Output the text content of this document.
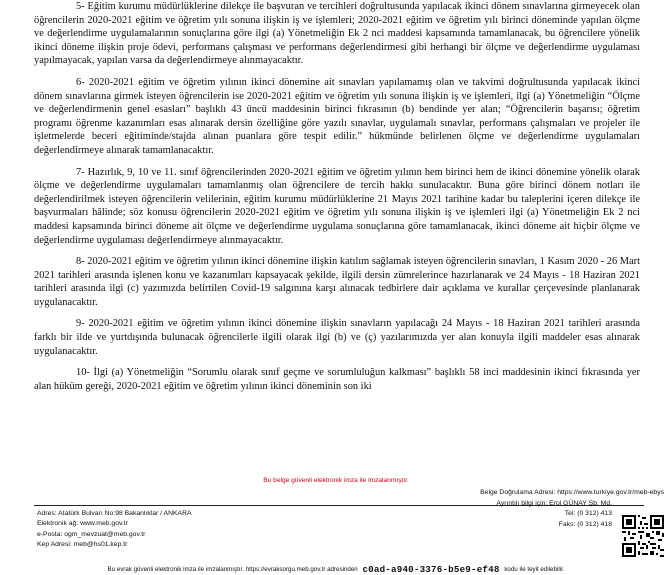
5- Eğitim kurumu müdürlüklerine dilekçe ile başvuran ve tercihleri doğrultusunda yapılacak ikinci dönem sınavlarına girmeyecek olan öğrencilerin 2020-2021 eğitim ve öğretim yılı sonuna ilişkin iş ve işlemleri; 2020-2021 eğitim ve öğretim yılı birinci döneminde yapılan ölçme ve değerlendirme uygulamalarının sonuçlarına göre ilgi (a) Yönetmeliğin Ek 2 nci maddesi kapsamında tamamlanacak, bu öğrencilere yönelik ikinci döneme ilişkin proje ödevi, performans çalışması ve performans değerlendirmesi gibi herhangi bir ölçme ve değerlendirme uygulaması yapılmayacak, yapılan varsa da değerlendirmeye alınmayacaktır.

6- 2020-2021 eğitim ve öğretim yılının ikinci dönemine ait sınavları yapılamamış olan ve takvimi doğrultusunda yapılacak ikinci dönem sınavlarına girmek isteyen öğrencilerin ise 2020-2021 eğitim ve öğretim yılı sonuna ilişkin iş ve işlemleri, ilgi (a) Yönetmeliğin “Ölçme ve değerlendirmenin genel esasları” başlıklı 43 üncü maddesinin birinci fıkrasının (b) bendinde yer alan; “Öğrencilerin başarısı; öğretim programı öğrenme kazanımları esas alınarak dersin özelliğine göre yazılı sınavlar, uygulamalı sınavlar, performans çalışmaları ve projeler ile işletmelerde beceri eğitiminde/stajda alınan puanlara göre tespit edilir.” hükmünde belirlenen ölçme ve değerlendirme uygulamaları değerlendirmeye alınarak tamamlanacaktır.

7- Hazırlık, 9, 10 ve 11. sınıf öğrencilerinden 2020-2021 eğitim ve öğretim yılının hem birinci hem de ikinci dönemine yönelik olarak ölçme ve değerlendirme uygulamaları tamamlanmış olan öğrencilere de tercih hakkı sunulacaktır. Buna göre birinci dönem notları ile değerlendirilmek isteyen öğrencilerin velilerinin, eğitim kurumu müdürlüklerine 21 Mayıs 2021 tarihine kadar bu taleplerini içeren dilekçe ile başvurmaları hâlinde; söz konusu öğrencilerin 2020-2021 eğitim ve öğretim yılı sonuna ilişkin iş ve işlemleri ilgi (a) Yönetmeliğin Ek 2 nci maddesi kapsamında birinci döneme ait ölçme ve değerlendirme uygulama sonuçlarına göre tamamlanacak, ikinci döneme ait hiçbir ölçme ve değerlendirme uygulaması değerlendirmeye alınmayacaktır.

8- 2020-2021 eğitim ve öğretim yılının ikinci dönemine ilişkin katılım sağlamak isteyen öğrencilerin sınavları, 1 Kasım 2020 - 26 Mart 2021 tarihleri arasında işlenen konu ve kazanımları kapsayacak şekilde, ilgili dersin zümrelerince hazırlanarak ve 24 Mayıs - 18 Haziran 2021 tarihleri arasında ilgi (c) yazımızda belirtilen Covid-19 salgınına karşı alınacak tedbirlere dair açıklama ve kurallar çerçevesinde planlanarak uygulanacaktır.

9- 2020-2021 eğitim ve öğretim yılının ikinci dönemine ilişkin sınavların yapılacağı 24 Mayıs - 18 Haziran 2021 tarihleri arasında farklı bir ilde ve yurtdışında bulunacak öğrencilerle ilgili olarak ilgi (b) ve (ç) yazılarımızda yer alan konuyla ilgili maddeler esas alınarak uygulanacaktır.

10- İlgi (a) Yönetmeliğin “Sorumlu olarak sınıf geçme ve sorumluluğun kalkması” başlıklı 58 inci maddesinin ikinci fıkrasında yer alan hüküm gereği, 2020-2021 eğitim ve öğretim yılının ikinci döneminin son iki

Bu belge güvenli elektronik imza ile imzalanmıştır.
Belge Doğrulama Adresi: https://www.turkiye.gov.tr/meb-ebys
Adres: Atatürk Bulvarı No:98 Bakanlıklar / ANKARA
Elektronik ağ: www.meb.gov.tr
e-Posta: ogm_mevzuat@meb.gov.tr
Kep Adresi: meb@hs01.kep.tr
Ayrıntılı bilgi için: Erol GÜNAY Şb. Md.
Tel: (0 312) 413
Faks: (0 312) 418
Bu evrak güvenli elektronik imza ile imzalanmıştır. https://evraksorgu.meb.gov.tr adresinden c0ad-a940-3376-b5e9-ef48 kodu ile teyit edilebilir.
